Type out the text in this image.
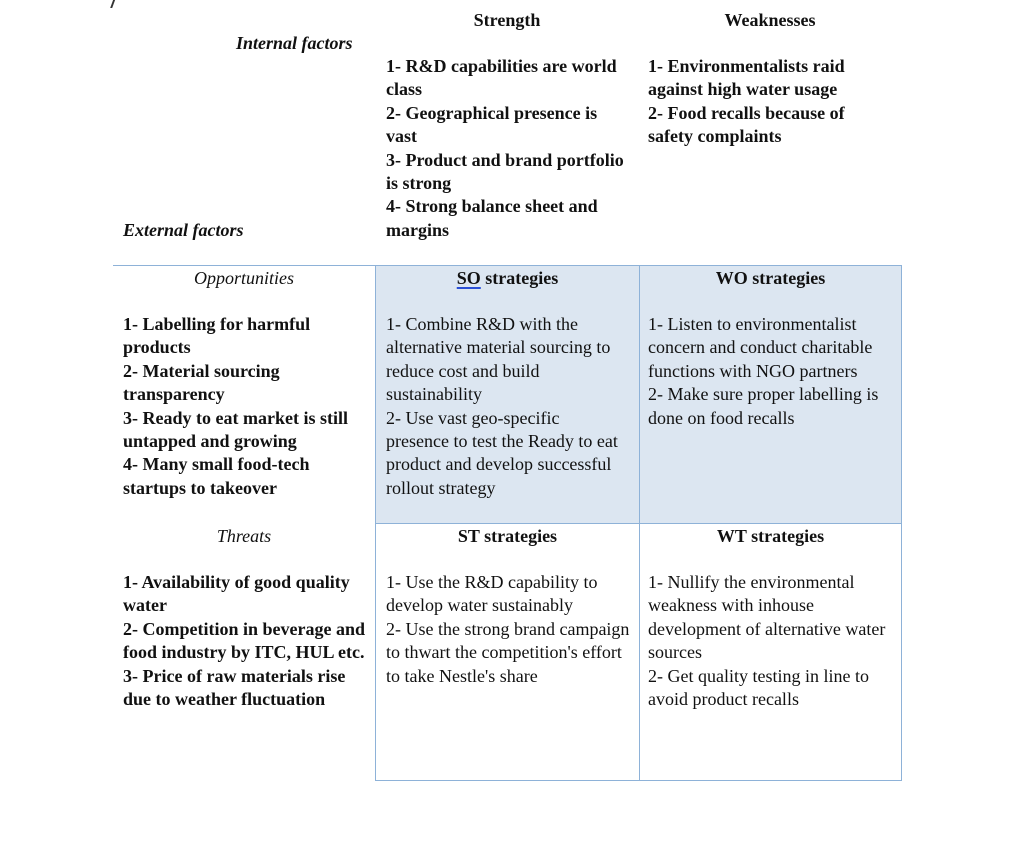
Strength	Weaknesses
Internal factors
External factors
1- R&D capabilities are world class
2- Geographical presence is vast
3- Product and brand portfolio is strong
4- Strong balance sheet and margins
1- Environmentalists raid against high water usage
2- Food recalls because of safety complaints
Opportunities
1- Labelling for harmful products
2- Material sourcing transparency
3- Ready to eat market is still untapped and growing
4- Many small food-tech startups to takeover
SO strategies
1- Combine R&D with the alternative material sourcing to reduce cost and build sustainability
2- Use vast geo-specific presence to test the Ready to eat product and develop successful rollout strategy
WO strategies
1- Listen to environmentalist concern and conduct charitable functions with NGO partners
2- Make sure proper labelling is done on food recalls
Threats
1- Availability of good quality water
2- Competition in beverage and food industry by ITC, HUL etc.
3- Price of raw materials rise due to weather fluctuation
ST strategies
1- Use the R&D capability to develop water sustainably
2- Use the strong brand campaign to thwart the competition's effort to take Nestle's share
WT strategies
1- Nullify the environmental weakness with inhouse development of alternative water sources
2- Get quality testing in line to avoid product recalls
